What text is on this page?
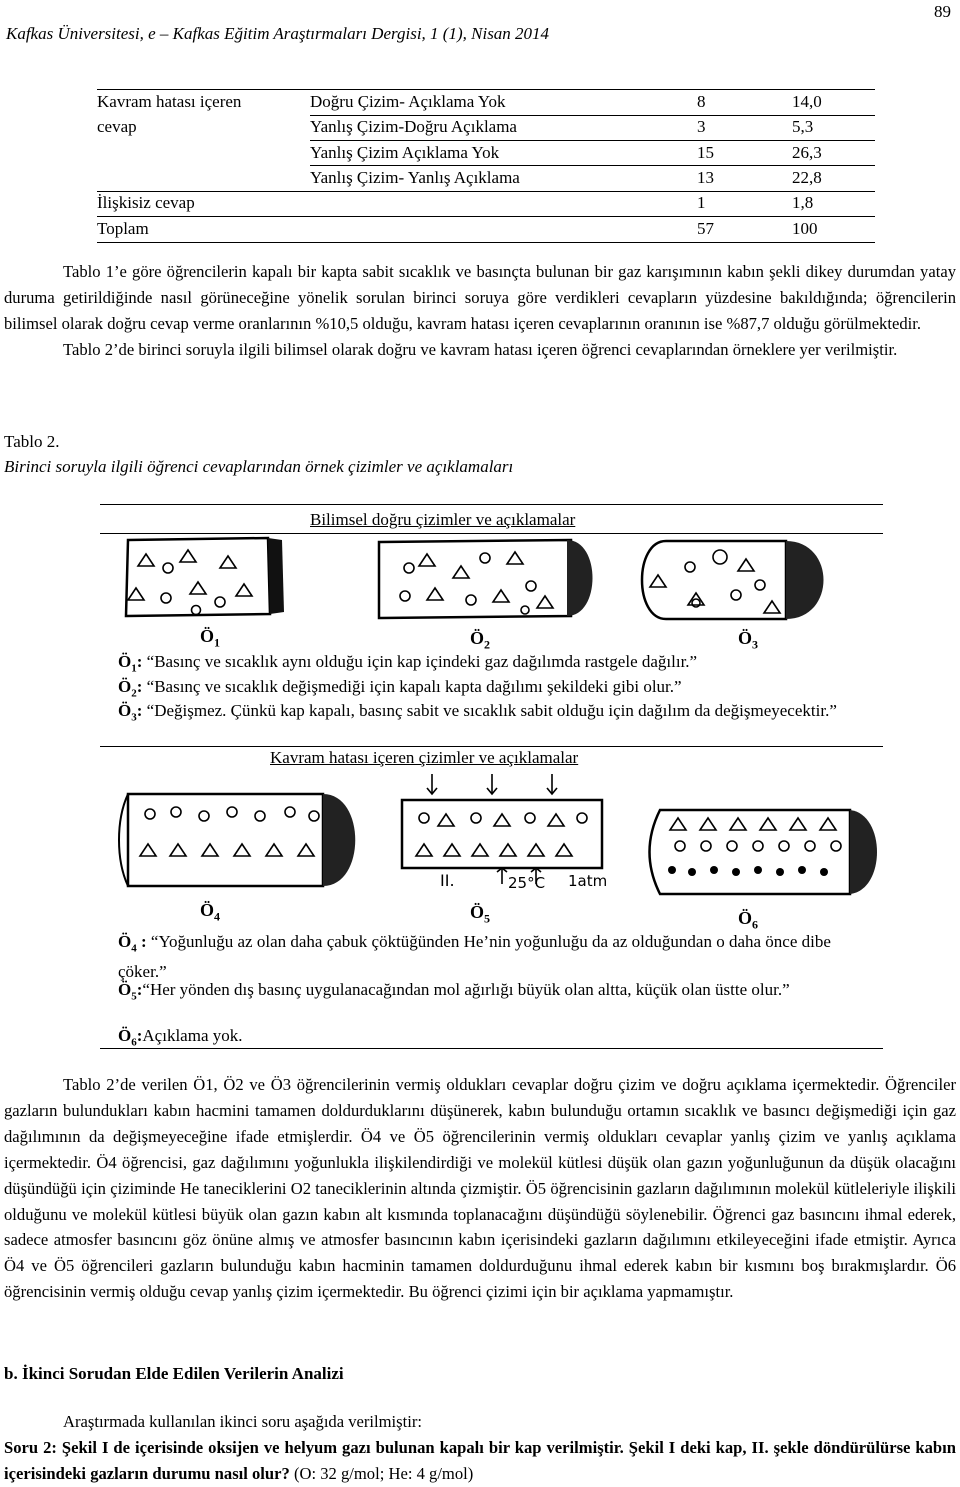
89
Kafkas Üniversitesi, e – Kafkas Eğitim Araştırmaları Dergisi, 1 (1), Nisan 2014
Kavram hatası içeren
cevap
Doğru Çizim- Açıklama Yok	8	14,0
Yanlış Çizim-Doğru Açıklama	3	5,3
Yanlış Çizim Açıklama Yok	15	26,3
Yanlış Çizim- Yanlış Açıklama	13	22,8
İlişkisiz cevap	1	1,8
Toplam	57	100

Tablo 1’e göre öğrencilerin kapalı bir kapta sabit sıcaklık ve basınçta bulunan bir gaz karışımının kabın şekli dikey durumdan yatay duruma getirildiğinde nasıl görüneceğine yönelik sorulan birinci soruya göre verdikleri cevapların yüzdesine bakıldığında; öğrencilerin bilimsel olarak doğru cevap verme oranlarının %10,5 olduğu, kavram hatası içeren cevaplarının oranının ise %87,7 olduğu görülmektedir.

Tablo 2’de birinci soruyla ilgili bilimsel olarak doğru ve kavram hatası içeren öğrenci cevaplarından örneklere yer verilmiştir.

Tablo 2.
Birinci soruyla ilgili öğrenci cevaplarından örnek çizimler ve açıklamaları
Bilimsel doğru çizimler ve açıklamalar
$Ö_1$	$Ö_2$	$Ö_3$
$Ö_1$: “Basınç ve sıcaklık aynı olduğu için kap içindeki gaz dağılımda rastgele dağılır.”
$Ö_2$: “Basınç ve sıcaklık değişmediği için kapalı kapta dağılımı şekildeki gibi olur.”
$Ö_3$: “Değişmez. Çünkü kap kapalı, basınç sabit ve sıcaklık sabit olduğu için dağılım da değişmeyecektir.”
Kavram hatası içeren çizimler ve açıklamalar
II.	25°C 1atm
$Ö_4$	$Ö_5$	$Ö_6$
$Ö_4$ : “Yoğunluğu az olan daha çabuk çöktüğünden He’nin yoğunluğu da az olduğundan o daha önce dibe çöker.”
$Ö_5:“Her$ yönden dış basınç uygulanacağından mol ağırlığı büyük olan altta, küçük olan üstte olur.”
$Ö_6:Açıklama$ yok.

Tablo 2’de verilen Ö1, Ö2 ve Ö3 öğrencilerinin vermiş oldukları cevaplar doğru çizim ve doğru açıklama içermektedir. Öğrenciler gazların bulundukları kabın hacmini tamamen doldurduklarını düşünerek, kabın bulunduğu ortamın sıcaklık ve basıncı değişmediği için gaz dağılımının da değişmeyeceğine ifade etmişlerdir. Ö4 ve Ö5 öğrencilerinin vermiş oldukları cevaplar yanlış çizim ve yanlış açıklama içermektedir. Ö4 öğrencisi, gaz dağılımını yoğunlukla ilişkilendirdiği ve molekül kütlesi düşük olan gazın yoğunluğunun da düşük olacağını düşündüğü için çiziminde He taneciklerini O2 taneciklerinin altında çizmiştir. Ö5 öğrencisinin gazların dağılımının molekül kütleleriyle ilişkili olduğunu ve molekül kütlesi büyük olan gazın kabın alt kısmında toplanacağını düşündüğü söylenebilir. Öğrenci gaz basıncını ihmal ederek, sadece atmosfer basıncını göz önüne almış ve atmosfer basıncının kabın içerisindeki gazların dağılımını etkileyeceğini ifade etmiştir. Ayrıca Ö4 ve Ö5 öğrencileri gazların bulunduğu kabın hacminin tamamen doldurduğunu ihmal ederek kabın bir kısmını boş bırakmışlardır. Ö6 öğrencisinin vermiş olduğu cevap yanlış çizim içermektedir. Bu öğrenci çizimi için bir açıklama yapmamıştır.

b. İkinci Sorudan Elde Edilen Verilerin Analizi

Araştırmada kullanılan ikinci soru aşağıda verilmiştir:

Soru 2: Şekil I de içerisinde oksijen ve helyum gazı bulunan kapalı bir kap verilmiştir. Şekil I deki kap, II. şekle döndürülürse kabın içerisindeki gazların durumu nasıl olur? (O: 32 g/mol; He: 4 g/mol)
